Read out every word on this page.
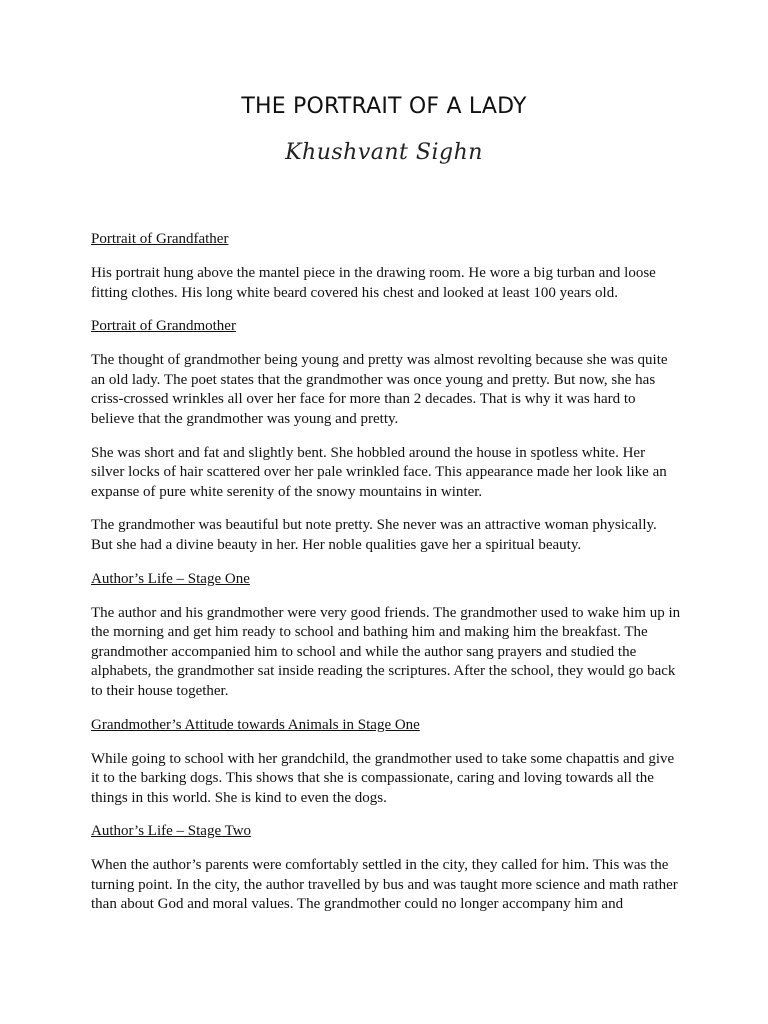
THE PORTRAIT OF A LADY
Khushvant Sighn
Portrait of Grandfather

His portrait hung above the mantel piece in the drawing room. He wore a big turban and loose fitting clothes. His long white beard covered his chest and looked at least 100 years old.

Portrait of Grandmother

The thought of grandmother being young and pretty was almost revolting because she was quite an old lady. The poet states that the grandmother was once young and pretty. But now, she has criss-crossed wrinkles all over her face for more than 2 decades. That is why it was hard to believe that the grandmother was young and pretty.

She was short and fat and slightly bent. She hobbled around the house in spotless white. Her silver locks of hair scattered over her pale wrinkled face. This appearance made her look like an expanse of pure white serenity of the snowy mountains in winter.

The grandmother was beautiful but note pretty. She never was an attractive woman physically. But she had a divine beauty in her. Her noble qualities gave her a spiritual beauty.

Author’s Life – Stage One

The author and his grandmother were very good friends. The grandmother used to wake him up in the morning and get him ready to school and bathing him and making him the breakfast. The grandmother accompanied him to school and while the author sang prayers and studied the alphabets, the grandmother sat inside reading the scriptures. After the school, they would go back to their house together.

Grandmother’s Attitude towards Animals in Stage One

While going to school with her grandchild, the grandmother used to take some chapattis and give it to the barking dogs. This shows that she is compassionate, caring and loving towards all the things in this world. She is kind to even the dogs.

Author’s Life – Stage Two

When the author’s parents were comfortably settled in the city, they called for him. This was the turning point. In the city, the author travelled by bus and was taught more science and math rather than about God and moral values. The grandmother could no longer accompany him and
